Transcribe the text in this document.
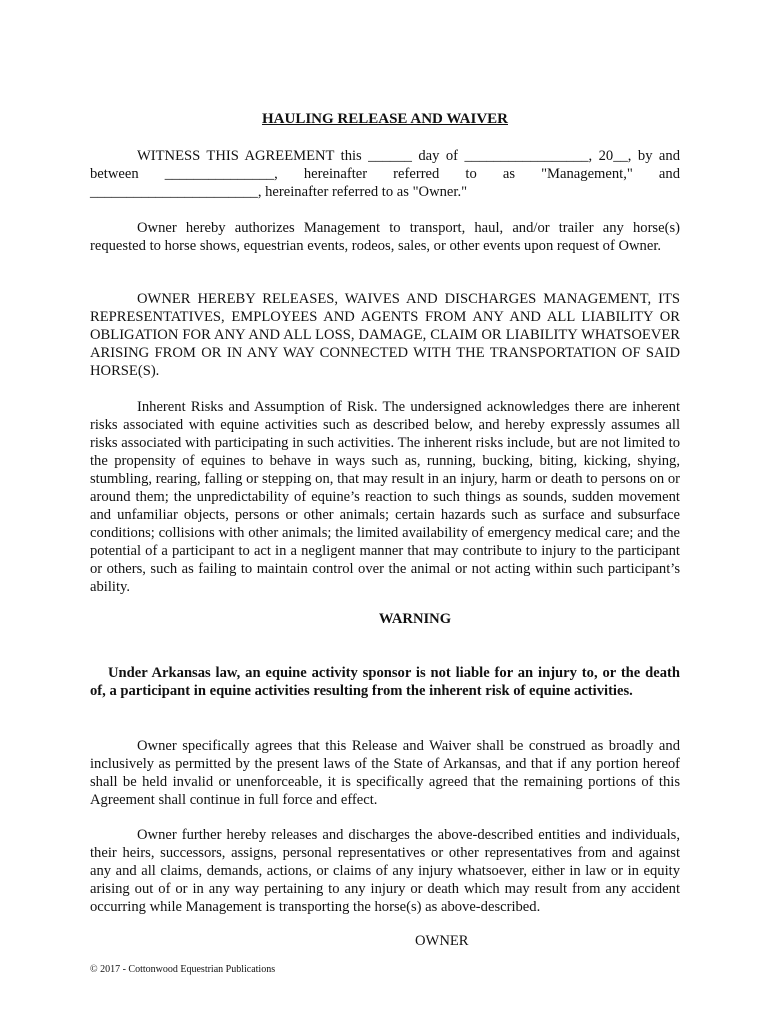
HAULING RELEASE AND WAIVER

WITNESS THIS AGREEMENT this ______ day of _________________, 20__, by and between _______________, hereinafter referred to as "Management," and _______________________, hereinafter referred to as "Owner."

Owner hereby authorizes Management to transport, haul, and/or trailer any horse(s) requested to horse shows, equestrian events, rodeos, sales, or other events upon request of Owner.

OWNER HEREBY RELEASES, WAIVES AND DISCHARGES MANAGEMENT, ITS REPRESENTATIVES, EMPLOYEES AND AGENTS FROM ANY AND ALL LIABILITY OR OBLIGATION FOR ANY AND ALL LOSS, DAMAGE, CLAIM OR LIABILITY WHATSOEVER ARISING FROM OR IN ANY WAY CONNECTED WITH THE TRANSPORTATION OF SAID HORSE(S).

Inherent Risks and Assumption of Risk. The undersigned acknowledges there are inherent risks associated with equine activities such as described below, and hereby expressly assumes all risks associated with participating in such activities. The inherent risks include, but are not limited to the propensity of equines to behave in ways such as, running, bucking, biting, kicking, shying, stumbling, rearing, falling or stepping on, that may result in an injury, harm or death to persons on or around them; the unpredictability of equine’s reaction to such things as sounds, sudden movement and unfamiliar objects, persons or other animals; certain hazards such as surface and subsurface conditions; collisions with other animals; the limited availability of emergency medical care; and the potential of a participant to act in a negligent manner that may contribute to injury to the participant or others, such as failing to maintain control over the animal or not acting within such participant’s ability.

WARNING

Under Arkansas law, an equine activity sponsor is not liable for an injury to, or the death of, a participant in equine activities resulting from the inherent risk of equine activities.

Owner specifically agrees that this Release and Waiver shall be construed as broadly and inclusively as permitted by the present laws of the State of Arkansas, and that if any portion hereof shall be held invalid or unenforceable, it is specifically agreed that the remaining portions of this Agreement shall continue in full force and effect.

Owner further hereby releases and discharges the above-described entities and individuals, their heirs, successors, assigns, personal representatives or other representatives from and against any and all claims, demands, actions, or claims of any injury whatsoever, either in law or in equity arising out of or in any way pertaining to any injury or death which may result from any accident occurring while Management is transporting the horse(s) as above-described.

OWNER
© 2017 - Cottonwood Equestrian Publications
